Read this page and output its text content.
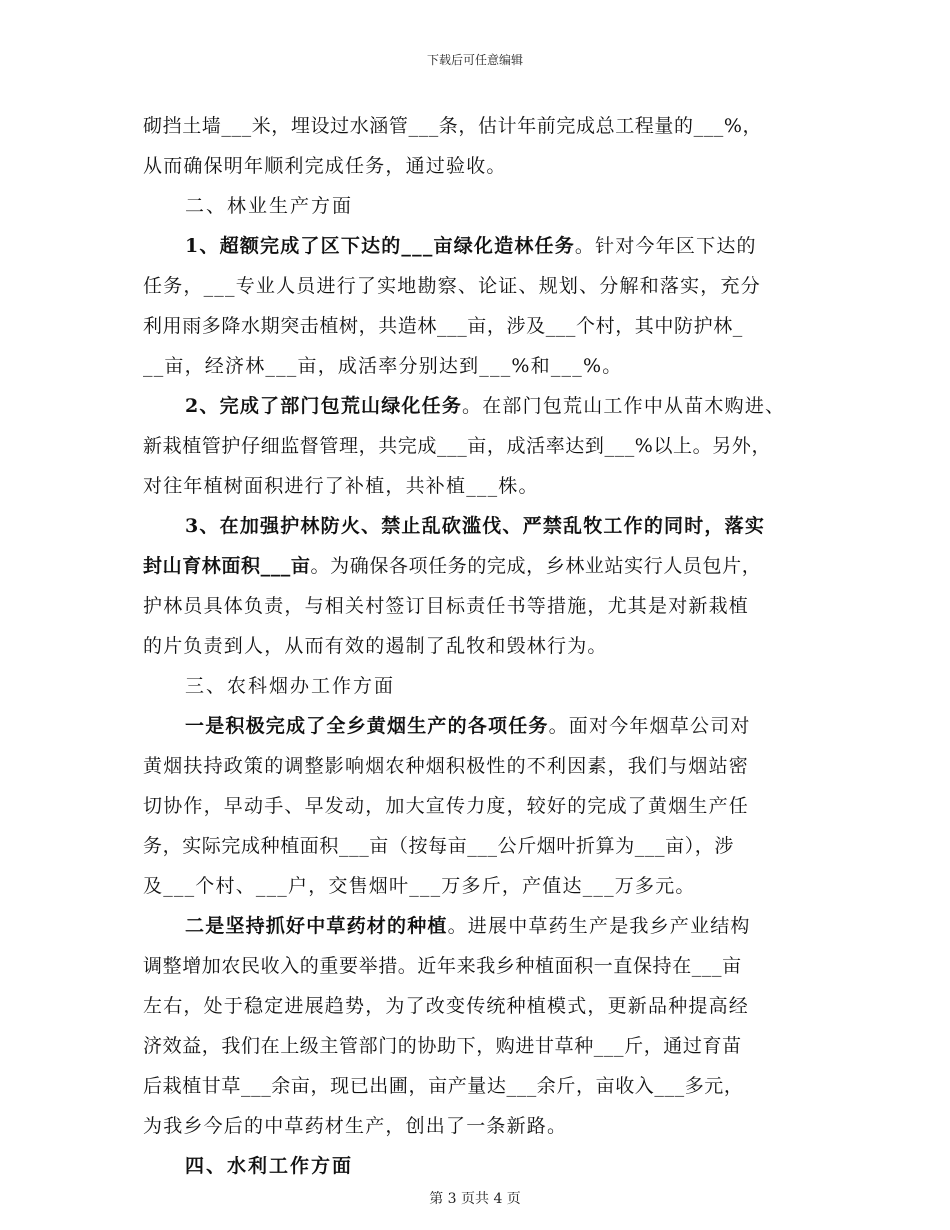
下载后可任意编辑
砌挡土墙___米，埋设过水涵管___条，估计年前完成总工程量的___%，
从而确保明年顺利完成任务，通过验收。
二、林业生产方面
1、超额完成了区下达的___亩绿化造林任务。针对今年区下达的
任务，___专业人员进行了实地勘察、论证、规划、分解和落实，充分
利用雨多降水期突击植树，共造林___亩，涉及___个村，其中防护林_
__亩，经济林___亩，成活率分别达到___%和___%。
2、完成了部门包荒山绿化任务。在部门包荒山工作中从苗木购进、
新栽植管护仔细监督管理，共完成___亩，成活率达到___%以上。另外，
对往年植树面积进行了补植，共补植___株。
3、在加强护林防火、禁止乱砍滥伐、严禁乱牧工作的同时，落实
封山育林面积___亩。为确保各项任务的完成，乡林业站实行人员包片，
护林员具体负责，与相关村签订目标责任书等措施，尤其是对新栽植
的片负责到人，从而有效的遏制了乱牧和毁林行为。
三、农科烟办工作方面
一是积极完成了全乡黄烟生产的各项任务。面对今年烟草公司对
黄烟扶持政策的调整影响烟农种烟积极性的不利因素，我们与烟站密
切协作，早动手、早发动，加大宣传力度，较好的完成了黄烟生产任
务，实际完成种植面积___亩（按每亩___公斤烟叶折算为___亩），涉
及___个村、___户，交售烟叶___万多斤，产值达___万多元。
二是坚持抓好中草药材的种植。进展中草药生产是我乡产业结构
调整增加农民收入的重要举措。近年来我乡种植面积一直保持在___亩
左右，处于稳定进展趋势，为了改变传统种植模式，更新品种提高经
济效益，我们在上级主管部门的协助下，购进甘草种___斤，通过育苗
后栽植甘草___余亩，现已出圃，亩产量达___余斤，亩收入___多元，
为我乡今后的中草药材生产，创出了一条新路。
四、水利工作方面
第 3 页共 4 页
